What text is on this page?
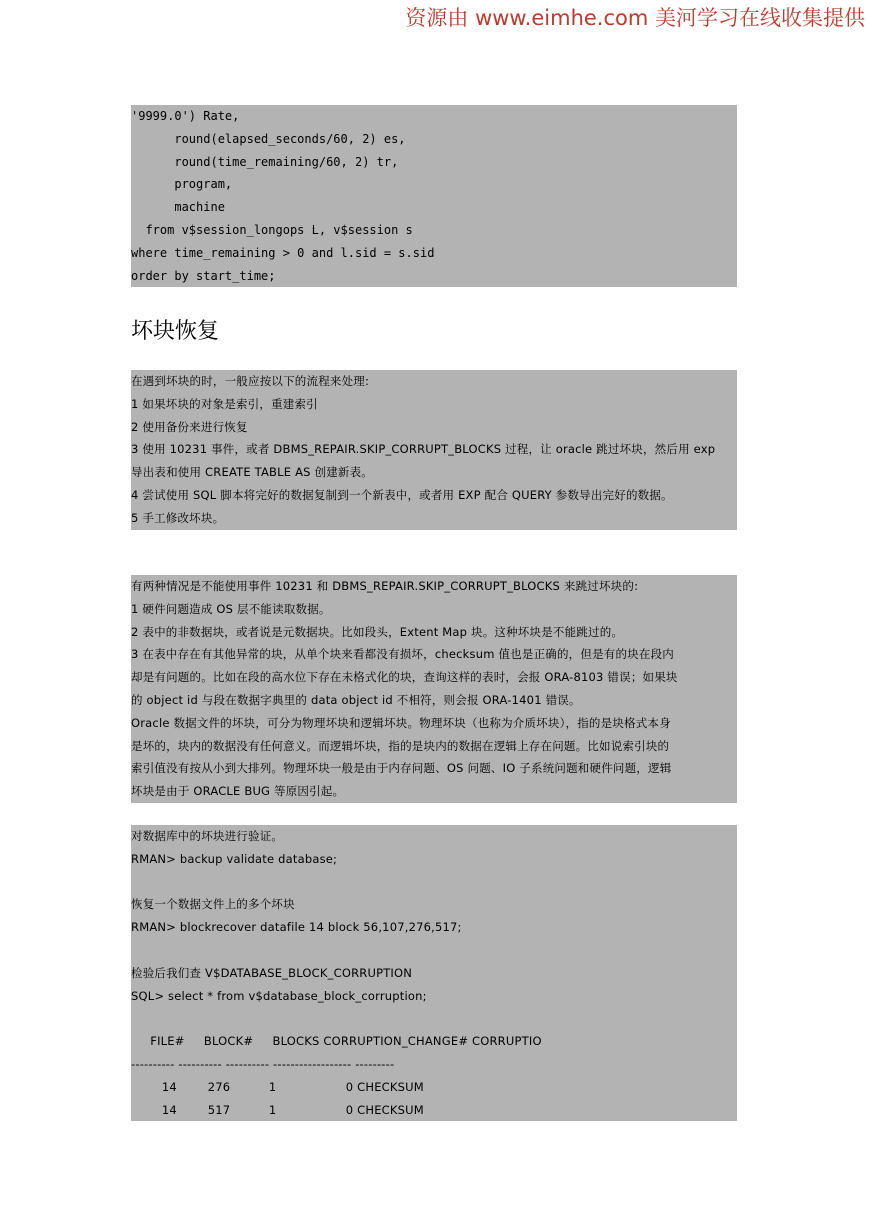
资源由 www.eimhe.com 美河学习在线收集提供
'9999.0') Rate,
round(elapsed_seconds/60, 2) es,
round(time_remaining/60, 2) tr,
program,
machine
from v$session_longops L, v$session s
where time_remaining > 0 and l.sid = s.sid
order by start_time;
坏块恢复
在遇到坏块的时，一般应按以下的流程来处理:
1 如果坏块的对象是索引，重建索引
2 使用备份来进行恢复
3 使用 10231 事件，或者 DBMS_REPAIR.SKIP_CORRUPT_BLOCKS 过程，让 oracle 跳过坏块，然后用 exp
导出表和使用 CREATE TABLE AS 创建新表。
4 尝试使用 SQL 脚本将完好的数据复制到一个新表中，或者用 EXP 配合 QUERY 参数导出完好的数据。
5 手工修改坏块。
有两种情况是不能使用事件 10231 和 DBMS_REPAIR.SKIP_CORRUPT_BLOCKS 来跳过坏块的:
1 硬件问题造成 OS 层不能读取数据。
2 表中的非数据块，或者说是元数据块。比如段头，Extent Map 块。这种坏块是不能跳过的。
3 在表中存在有其他异常的块，从单个块来看都没有损坏，checksum 值也是正确的，但是有的块在段内
却是有问题的。比如在段的高水位下存在未格式化的块，查询这样的表时，会报 ORA-8103 错误；如果块
的 object id 与段在数据字典里的 data object id 不相符，则会报 ORA-1401 错误。
Oracle 数据文件的坏块，可分为物理坏块和逻辑坏块。物理坏块（也称为介质坏块），指的是块格式本身
是坏的，块内的数据没有任何意义。而逻辑坏块，指的是块内的数据在逻辑上存在问题。比如说索引块的
索引值没有按从小到大排列。物理坏块一般是由于内存问题、OS 问题、IO 子系统问题和硬件问题，逻辑
坏块是由于 ORACLE BUG 等原因引起。
对数据库中的坏块进行验证。
RMAN> backup validate database;
恢复一个数据文件上的多个坏块
RMAN> blockrecover datafile 14 block 56,107,276,517;
检验后我们查 V$DATABASE_BLOCK_CORRUPTION
SQL> select * from v$database_block_corruption;
FILE#     BLOCK#     BLOCKS CORRUPTION_CHANGE# CORRUPTIO
---------- ---------- ---------- ------------------ ---------
14        276          1                  0 CHECKSUM
14        517          1                  0 CHECKSUM
